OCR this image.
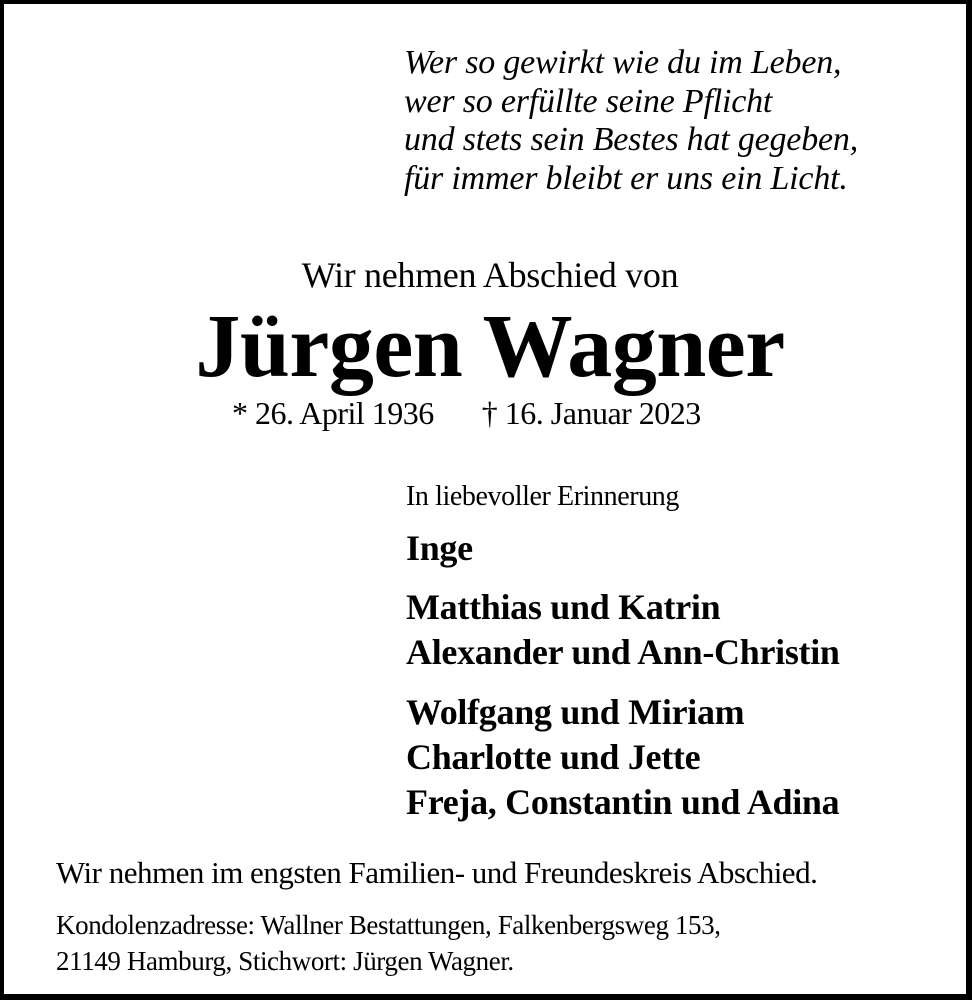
Wer so gewirkt wie du im Leben,
wer so erfüllte seine Pflicht
und stets sein Bestes hat gegeben,
für immer bleibt er uns ein Licht.
Wir nehmen Abschied von
Jürgen Wagner
* 26. April 1936 † 16. Januar 2023
In liebevoller Erinnerung
Inge
Matthias und Katrin
Alexander und Ann-Christin
Wolfgang und Miriam
Charlotte und Jette
Freja, Constantin und Adina
Wir nehmen im engsten Familien- und Freundeskreis Abschied.
Kondolenzadresse: Wallner Bestattungen, Falkenbergsweg 153,
21149 Hamburg, Stichwort: Jürgen Wagner.
